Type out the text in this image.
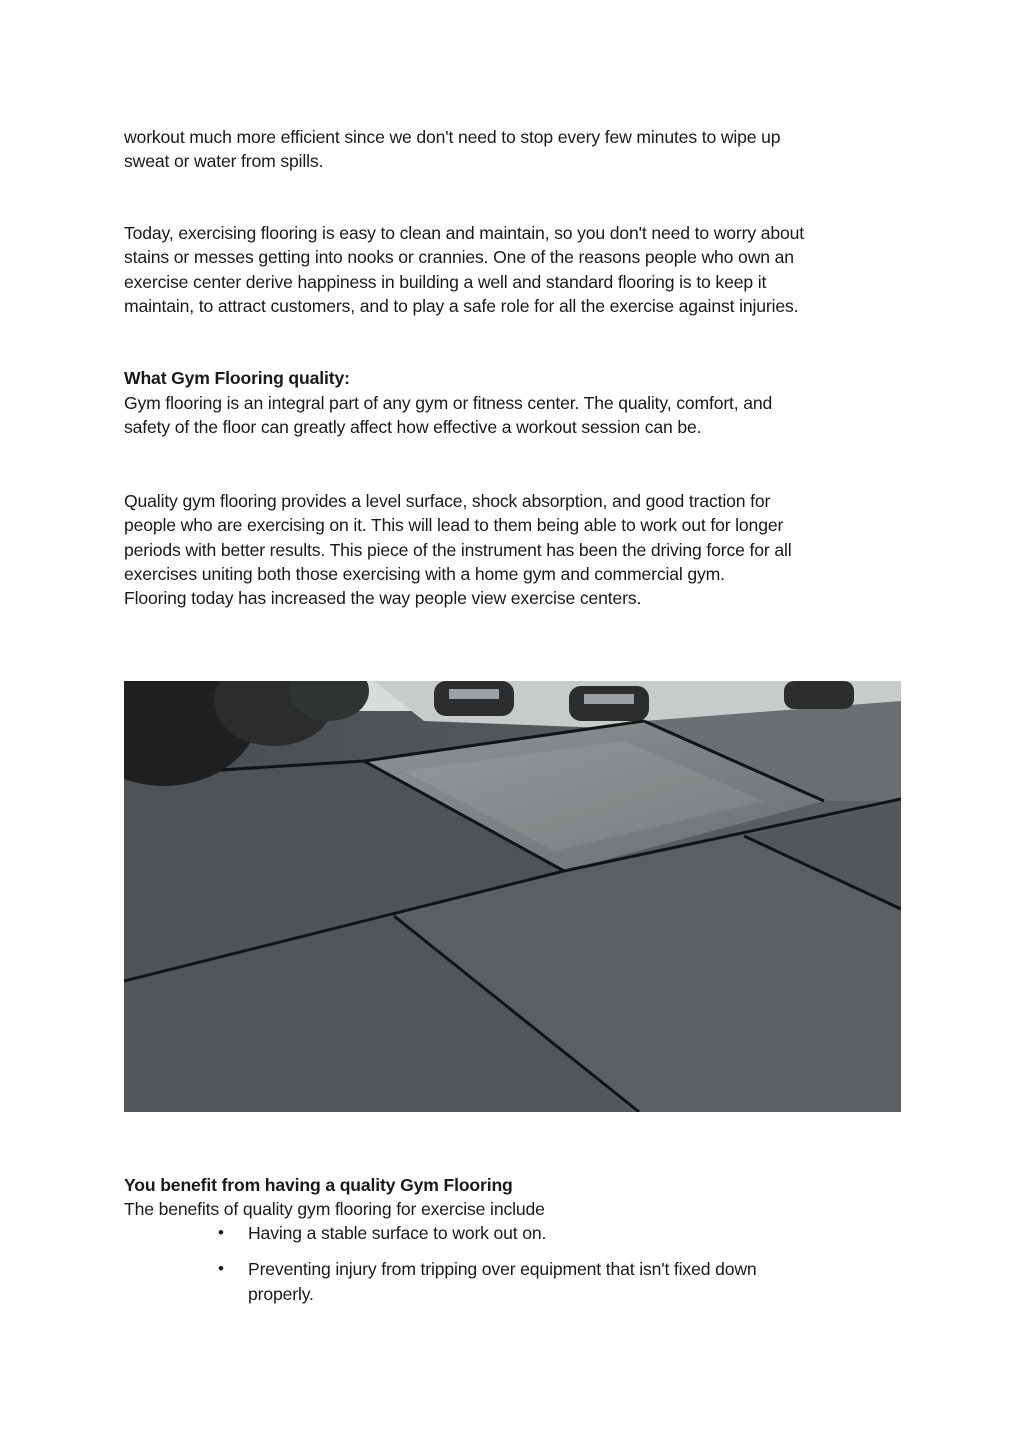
workout much more efficient since we don't need to stop every few minutes to wipe up
sweat or water from spills.

Today, exercising flooring is easy to clean and maintain, so you don't need to worry about
stains or messes getting into nooks or crannies. One of the reasons people who own an
exercise center derive happiness in building a well and standard flooring is to keep it
maintain, to attract customers, and to play a safe role for all the exercise against injuries.

What Gym Flooring quality:

Gym flooring is an integral part of any gym or fitness center. The quality, comfort, and
safety of the floor can greatly affect how effective a workout session can be.

Quality gym flooring provides a level surface, shock absorption, and good traction for
people who are exercising on it. This will lead to them being able to work out for longer
periods with better results. This piece of the instrument has been the driving force for all
exercises uniting both those exercising with a home gym and commercial gym.
Flooring today has increased the way people view exercise centers.

You benefit from having a quality Gym Flooring

The benefits of quality gym flooring for exercise include

• Having a stable surface to work out on.
• Preventing injury from tripping over equipment that isn't fixed down
properly.
